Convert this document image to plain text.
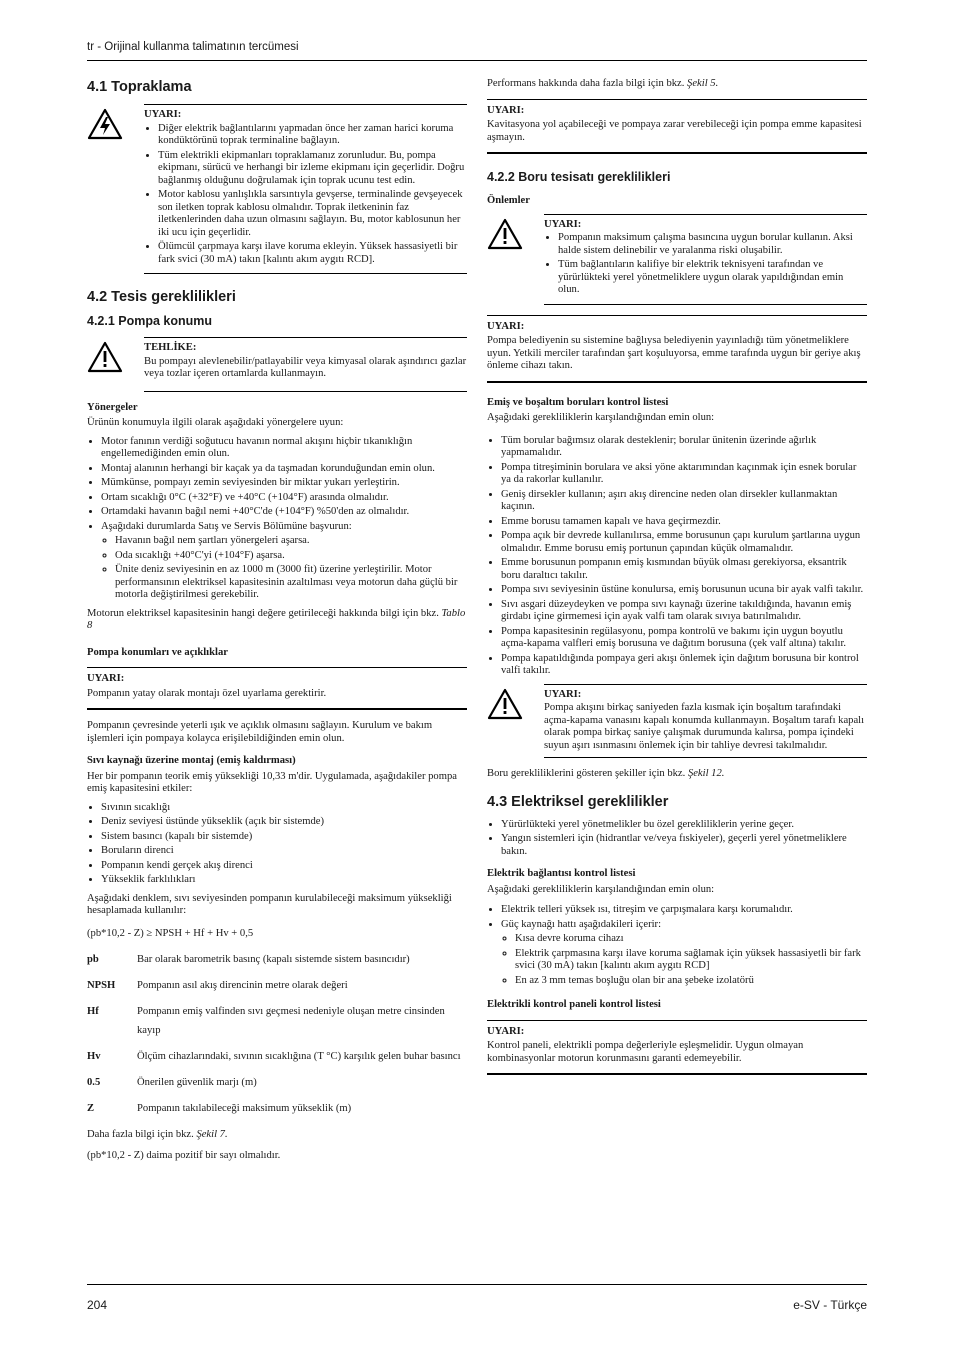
tr - Orijinal kullanma talimatının tercümesi
4.1 Topraklama
UYARI:
• Diğer elektrik bağlantılarını yapmadan önce her zaman harici koruma kondüktörünü toprak terminaline bağlayın.
• Tüm elektrikli ekipmanları topraklamanız zorunludur. Bu, pompa ekipmanı, sürücü ve herhangi bir izleme ekipmanı için geçerlidir. Doğru bağlanmış olduğunu doğrulamak için toprak ucunu test edin.
• Motor kablosu yanlışlıkla sarsıntıyla gevşerse, terminalinde gevşeyecek son iletken toprak kablosu olmalıdır. Toprak iletkeninin faz iletkenlerinden daha uzun olmasını sağlayın. Bu, motor kablosunun her iki ucu için geçerlidir.
• Ölümcül çarpmaya karşı ilave koruma ekleyin. Yüksek hassasiyetli bir fark svici (30 mA) takın [kalıntı akım aygıtı RCD].
4.2 Tesis gereklilikleri
4.2.1 Pompa konumu
TEHLİKE:
Bu pompayı alevlenebilir/patlayabilir veya kimyasal olarak aşındırıcı gazlar veya tozlar içeren ortamlarda kullanmayın.
Yönergeler

Ürünün konumuyla ilgili olarak aşağıdaki yönergelere uyun:

• Motor fanının verdiği soğutucu havanın normal akışını hiçbir tıkanıklığın engellemediğinden emin olun.
• Montaj alanının herhangi bir kaçak ya da taşmadan korunduğundan emin olun.
• Mümkünse, pompayı zemin seviyesinden bir miktar yukarı yerleştirin.
• Ortam sıcaklığı 0°C (+32°F) ve +40°C (+104°F) arasında olmalıdır.
• Ortamdaki havanın bağıl nemi +40°C'de (+104°F) %50'den az olmalıdır.
• Aşağıdaki durumlarda Satış ve Servis Bölümüne başvurun:
◦ Havanın bağıl nem şartları yönergeleri aşarsa.
◦ Oda sıcaklığı +40°C'yi (+104°F) aşarsa.
◦ Ünite deniz seviyesinin en az 1000 m (3000 fit) üzerine yerleştirilir. Motor performansının elektriksel kapasitesinin azaltılması veya motorun daha güçlü bir motorla değiştirilmesi gerekebilir.

Motorun elektriksel kapasitesinin hangi değere getirileceği hakkında bilgi için bkz. Tablo 8

Pompa konumları ve açıklıklar
UYARI:
Pompanın yatay olarak montajı özel uyarlama gerektirir.

Pompanın çevresinde yeterli ışık ve açıklık olmasını sağlayın. Kurulum ve bakım işlemleri için pompaya kolayca erişilebildiğinden emin olun.

Sıvı kaynağı üzerine montaj (emiş kaldırması)

Her bir pompanın teorik emiş yüksekliği 10,33 m'dir. Uygulamada, aşağıdakiler pompa emiş kapasitesini etkiler:

• Sıvının sıcaklığı
• Deniz seviyesi üstünde yükseklik (açık bir sistemde)
• Sistem basıncı (kapalı bir sistemde)
• Boruların direnci
• Pompanın kendi gerçek akış direnci
• Yükseklik farklılıkları

Aşağıdaki denklem, sıvı seviyesinden pompanın kurulabileceği maksimum yüksekliği hesaplamada kullanılır:

(pb*10,2 - Z) ≥ NPSH + Hf + Hv + 0,5
pb	Bar olarak barometrik basınç (kapalı sistemde sistem basıncıdır)
NPSH	Pompanın asıl akış direncinin metre olarak değeri
Hf	Pompanın emiş valfinden sıvı geçmesi nedeniyle oluşan metre cinsinden kayıp
Hv	Ölçüm cihazlarındaki, sıvının sıcaklığına (T °C) karşılık gelen buhar basıncı
0.5	Önerilen güvenlik marjı (m)
Z	Pompanın takılabileceği maksimum yükseklik (m)

Daha fazla bilgi için bkz. Şekil 7.

(pb*10,2 - Z) daima pozitif bir sayı olmalıdır.

Performans hakkında daha fazla bilgi için bkz. Şekil 5.

UYARI:
Kavitasyona yol açabileceği ve pompaya zarar verebileceği için pompa emme kapasitesi aşmayın.
4.2.2 Boru tesisatı gereklilikleri
Önlemler
UYARI:
• Pompanın maksimum çalışma basıncına uygun borular kullanın. Aksi halde sistem delinebilir ve yaralanma riski oluşabilir.
• Tüm bağlantıların kalifiye bir elektrik teknisyeni tarafından ve yürürlükteki yerel yönetmeliklere uygun olarak yapıldığından emin olun.
UYARI:
Pompa belediyenin su sistemine bağlıysa belediyenin yayınladığı tüm yönetmeliklere uyun. Yetkili merciler tarafından şart koşuluyorsa, emme tarafında uygun bir geriye akış önleme cihazı takın.
Emiş ve boşaltım boruları kontrol listesi

Aşağıdaki gerekliliklerin karşılandığından emin olun:

• Tüm borular bağımsız olarak desteklenir; borular ünitenin üzerinde ağırlık yapmamalıdır.
• Pompa titreşiminin borulara ve aksi yöne aktarımından kaçınmak için esnek borular ya da rakorlar kullanılır.
• Geniş dirsekler kullanın; aşırı akış direncine neden olan dirsekler kullanmaktan kaçının.
• Emme borusu tamamen kapalı ve hava geçirmezdir.
• Pompa açık bir devrede kullanılırsa, emme borusunun çapı kurulum şartlarına uygun olmalıdır. Emme borusu emiş portunun çapından küçük olmamalıdır.
• Emme borusunun pompanın emiş kısmından büyük olması gerekiyorsa, eksantrik boru daraltıcı takılır.
• Pompa sıvı seviyesinin üstüne konulursa, emiş borusunun ucuna bir ayak valfi takılır.
• Sıvı asgari düzeydeyken ve pompa sıvı kaynağı üzerine takıldığında, havanın emiş girdabı içine girmemesi için ayak valfi tam olarak sıvıya batırılmalıdır.
• Pompa kapasitesinin regülasyonu, pompa kontrolü ve bakımı için uygun boyutlu açma-kapama valfleri emiş borusuna ve dağıtım borusuna (çek valf altına) takılır.
• Pompa kapatıldığında pompaya geri akışı önlemek için dağıtım borusuna bir kontrol valfi takılır.
UYARI:
Pompa akışını birkaç saniyeden fazla kısmak için boşaltım tarafındaki açma-kapama vanasını kapalı konumda kullanmayın. Boşaltım tarafı kapalı olarak pompa birkaç saniye çalışmak durumunda kalırsa, pompa içindeki suyun aşırı ısınmasını önlemek için bir tahliye devresi takılmalıdır.

Boru gerekliliklerini gösteren şekiller için bkz. Şekil 12.

4.3 Elektriksel gereklilikler
• Yürürlükteki yerel yönetmelikler bu özel gerekliliklerin yerine geçer.
• Yangın sistemleri için (hidrantlar ve/veya fıskiyeler), geçerli yerel yönetmeliklere bakın.
Elektrik bağlantısı kontrol listesi

Aşağıdaki gerekliliklerin karşılandığından emin olun:

• Elektrik telleri yüksek ısı, titreşim ve çarpışmalara karşı korumalıdır.
• Güç kaynağı hattı aşağıdakileri içerir:
◦ Kısa devre koruma cihazı
◦ Elektrik çarpmasına karşı ilave koruma sağlamak için yüksek hassasiyetli bir fark svici (30 mA) takın [kalıntı akım aygıtı RCD]
◦ En az 3 mm temas boşluğu olan bir ana şebeke izolatörü
Elektrikli kontrol paneli kontrol listesi
UYARI:
Kontrol paneli, elektrikli pompa değerleriyle eşleşmelidir. Uygun olmayan kombinasyonlar motorun korunmasını garanti edemeyebilir.
204	e-SV - Türkçe
